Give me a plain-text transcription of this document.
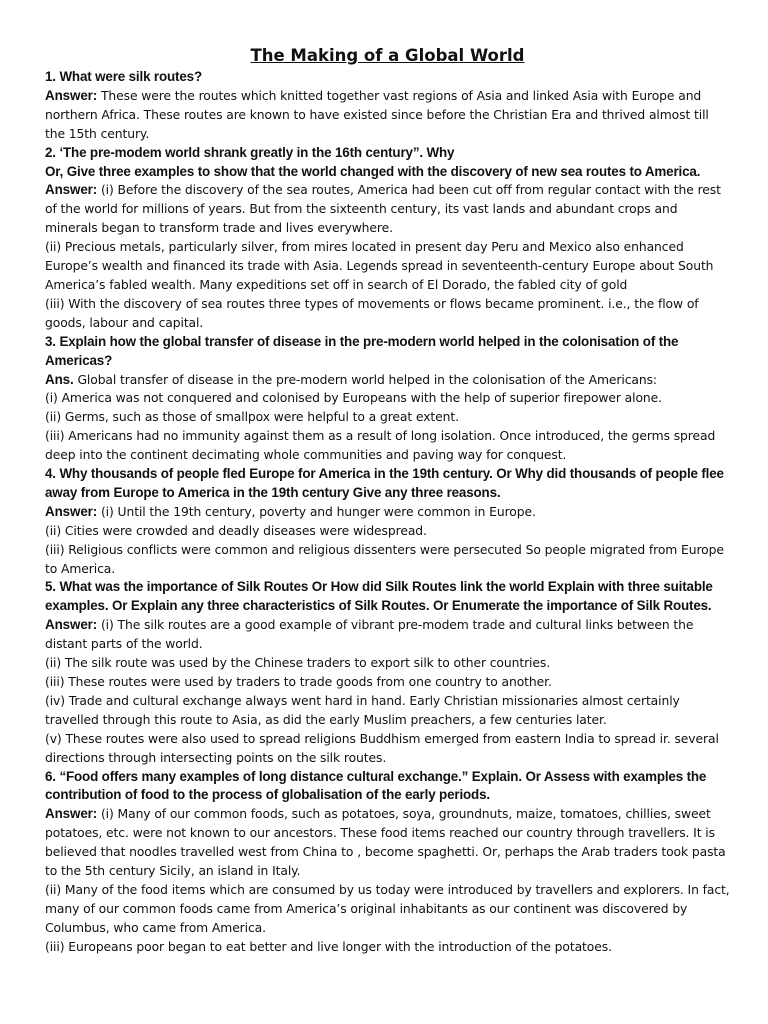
The Making of a Global World
1. What were silk routes?
Answer: These were the routes which knitted together vast regions of Asia and linked Asia with Europe and northern Africa. These routes are known to have existed since before the Christian Era and thrived almost till the 15th century.
2. ‘The pre-modem world shrank greatly in the 16th century”. Why
Or, Give three examples to show that the world changed with the discovery of new sea routes to America.
Answer: (i) Before the discovery of the sea routes, America had been cut off from regular contact with the rest of the world for millions of years. But from the sixteenth century, its vast lands and abundant crops and minerals began to transform trade and lives everywhere.
(ii) Precious metals, particularly silver, from mires located in present day Peru and Mexico also enhanced Europe’s wealth and financed its trade with Asia. Legends spread in seventeenth-century Europe about South America’s fabled wealth. Many expeditions set off in search of El Dorado, the fabled city of gold
(iii) With the discovery of sea routes three types of movements or flows became prominent. i.e., the flow of goods, labour and capital.
3. Explain how the global transfer of disease in the pre-modern world helped in the colonisation of the Americas?
Ans. Global transfer of disease in the pre-modern world helped in the colonisation of the Americans:
(i) America was not conquered and colonised by Europeans with the help of superior firepower alone.
(ii) Germs, such as those of smallpox were helpful to a great extent.
(iii) Americans had no immunity against them as a result of long isolation. Once introduced, the germs spread deep into the continent decimating whole communities and paving way for conquest.
4. Why thousands of people fled Europe for America in the 19th century. Or Why did thousands of people flee away from Europe to America in the 19th century Give any three reasons.
Answer: (i) Until the 19th century, poverty and hunger were common in Europe.
(ii) Cities were crowded and deadly diseases were widespread.
(iii) Religious conflicts were common and religious dissenters were persecuted So people migrated from Europe to America.
5. What was the importance of Silk Routes Or How did Silk Routes link the world Explain with three suitable examples. Or Explain any three characteristics of Silk Routes. Or Enumerate the importance of Silk Routes.
Answer: (i) The silk routes are a good example of vibrant pre-modem trade and cultural links between the distant parts of the world.
(ii) The silk route was used by the Chinese traders to export silk to other countries.
(iii) These routes were used by traders to trade goods from one country to another.
(iv) Trade and cultural exchange always went hard in hand. Early Christian missionaries almost certainly travelled through this route to Asia, as did the early Muslim preachers, a few centuries later.
(v) These routes were also used to spread religions Buddhism emerged from eastern India to spread ir. several directions through intersecting points on the silk routes.
6. “Food offers many examples of long distance cultural exchange.” Explain. Or Assess with examples the contribution of food to the process of globalisation of the early periods.
Answer: (i) Many of our common foods, such as potatoes, soya, groundnuts, maize, tomatoes, chillies, sweet potatoes, etc. were not known to our ancestors. These food items reached our country through travellers. It is believed that noodles travelled west from China to , become spaghetti. Or, perhaps the Arab traders took pasta to the 5th century Sicily, an island in Italy.
(ii) Many of the food items which are consumed by us today were introduced by travellers and explorers. In fact, many of our common foods came from America’s original inhabitants as our continent was discovered by Columbus, who came from America.
(iii) Europeans poor began to eat better and live longer with the introduction of the potatoes.
